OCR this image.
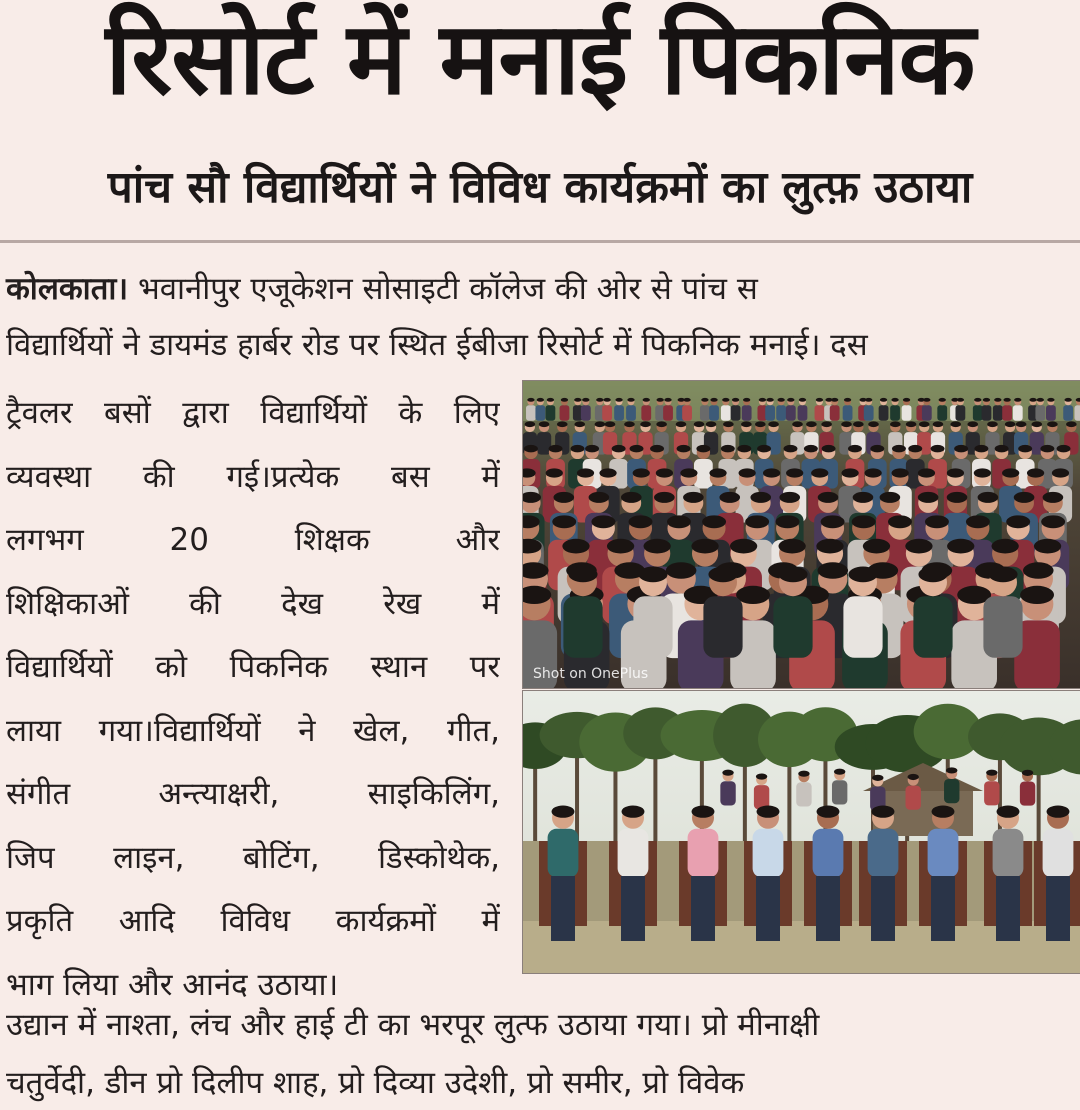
रिसोर्ट में मनाई पिकनिक
पांच सौ विद्यार्थियों ने विविध कार्यक्रमों का लुत्फ़ उठाया
कोलकाता। भवानीपुर एजूकेशन सोसाइटी कॉलेज की ओर से पांच स
विद्यार्थियों ने डायमंड हार्बर रोड पर स्थित ईबीजा रिसोर्ट में पिकनिक मनाई। दस
ट्रैवलर बसों द्वारा विद्यार्थियों के लिए
व्यवस्था की गई।प्रत्येक बस में
लगभग 20 शिक्षक और
शिक्षिकाओं की देख रेख में
विद्यार्थियों को पिकनिक स्थान पर
लाया गया।विद्यार्थियों ने खेल, गीत,
संगीत अन्त्याक्षरी, साइकिलिंग,
जिप लाइन, बोटिंग, डिस्कोथेक,
प्रकृति आदि विविध कार्यक्रमों में
भाग लिया और आनंद उठाया।
Shot on OnePlus
उद्यान में नाश्ता, लंच और हाई टी का भरपूर लुत्फ उठाया गया। प्रो मीनाक्षी
चतुर्वेदी, डीन प्रो दिलीप शाह, प्रो दिव्या उदेशी, प्रो समीर, प्रो विवेक
